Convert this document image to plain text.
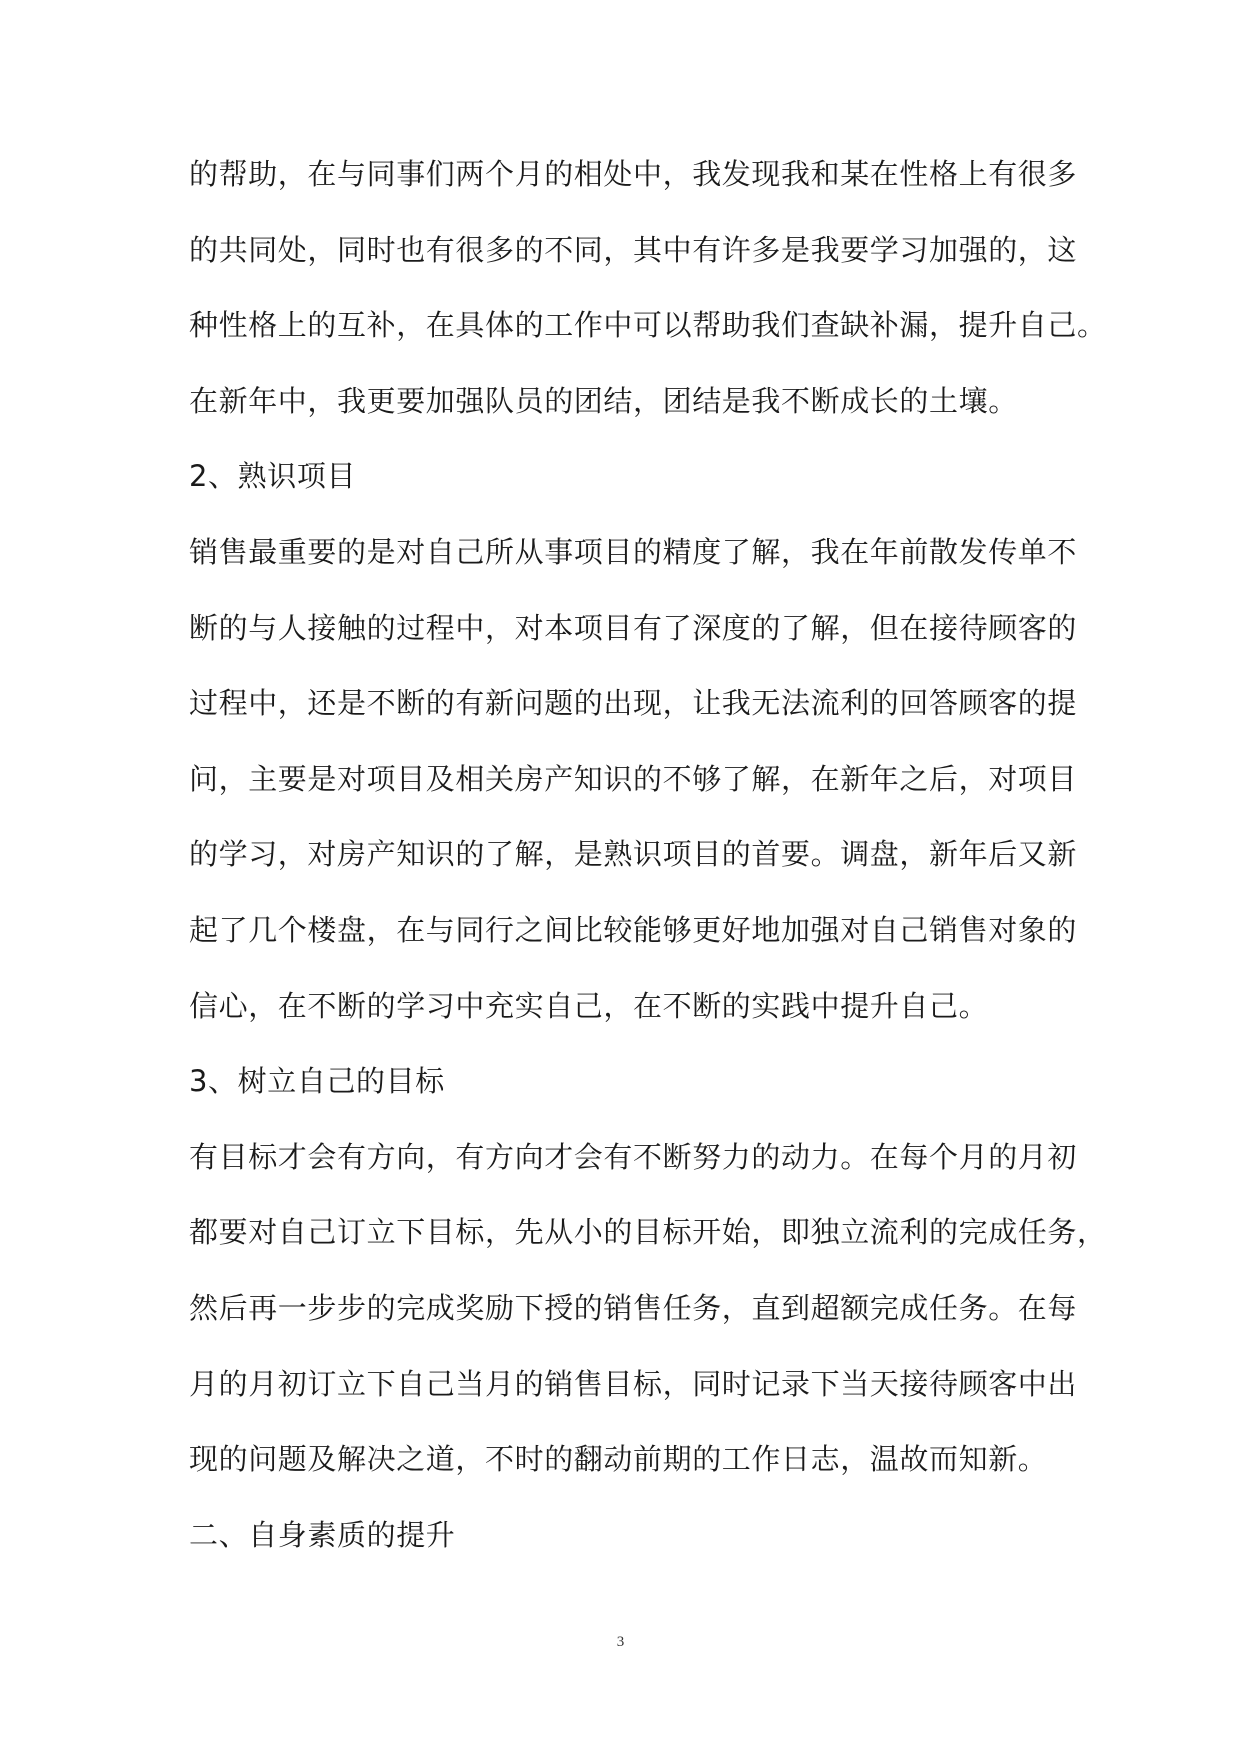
的帮助，在与同事们两个月的相处中，我发现我和某在性格上有很多
的共同处，同时也有很多的不同，其中有许多是我要学习加强的，这
种性格上的互补，在具体的工作中可以帮助我们查缺补漏，提升自己。
在新年中，我更要加强队员的团结，团结是我不断成长的土壤。
2、熟识项目
销售最重要的是对自己所从事项目的精度了解，我在年前散发传单不
断的与人接触的过程中，对本项目有了深度的了解，但在接待顾客的
过程中，还是不断的有新问题的出现，让我无法流利的回答顾客的提
问，主要是对项目及相关房产知识的不够了解，在新年之后，对项目
的学习，对房产知识的了解，是熟识项目的首要。调盘，新年后又新
起了几个楼盘，在与同行之间比较能够更好地加强对自己销售对象的
信心，在不断的学习中充实自己，在不断的实践中提升自己。
3、树立自己的目标
有目标才会有方向，有方向才会有不断努力的动力。在每个月的月初
都要对自己订立下目标，先从小的目标开始，即独立流利的完成任务，
然后再一步步的完成奖励下授的销售任务，直到超额完成任务。在每
月的月初订立下自己当月的销售目标，同时记录下当天接待顾客中出
现的问题及解决之道，不时的翻动前期的工作日志，温故而知新。
二、自身素质的提升
3
